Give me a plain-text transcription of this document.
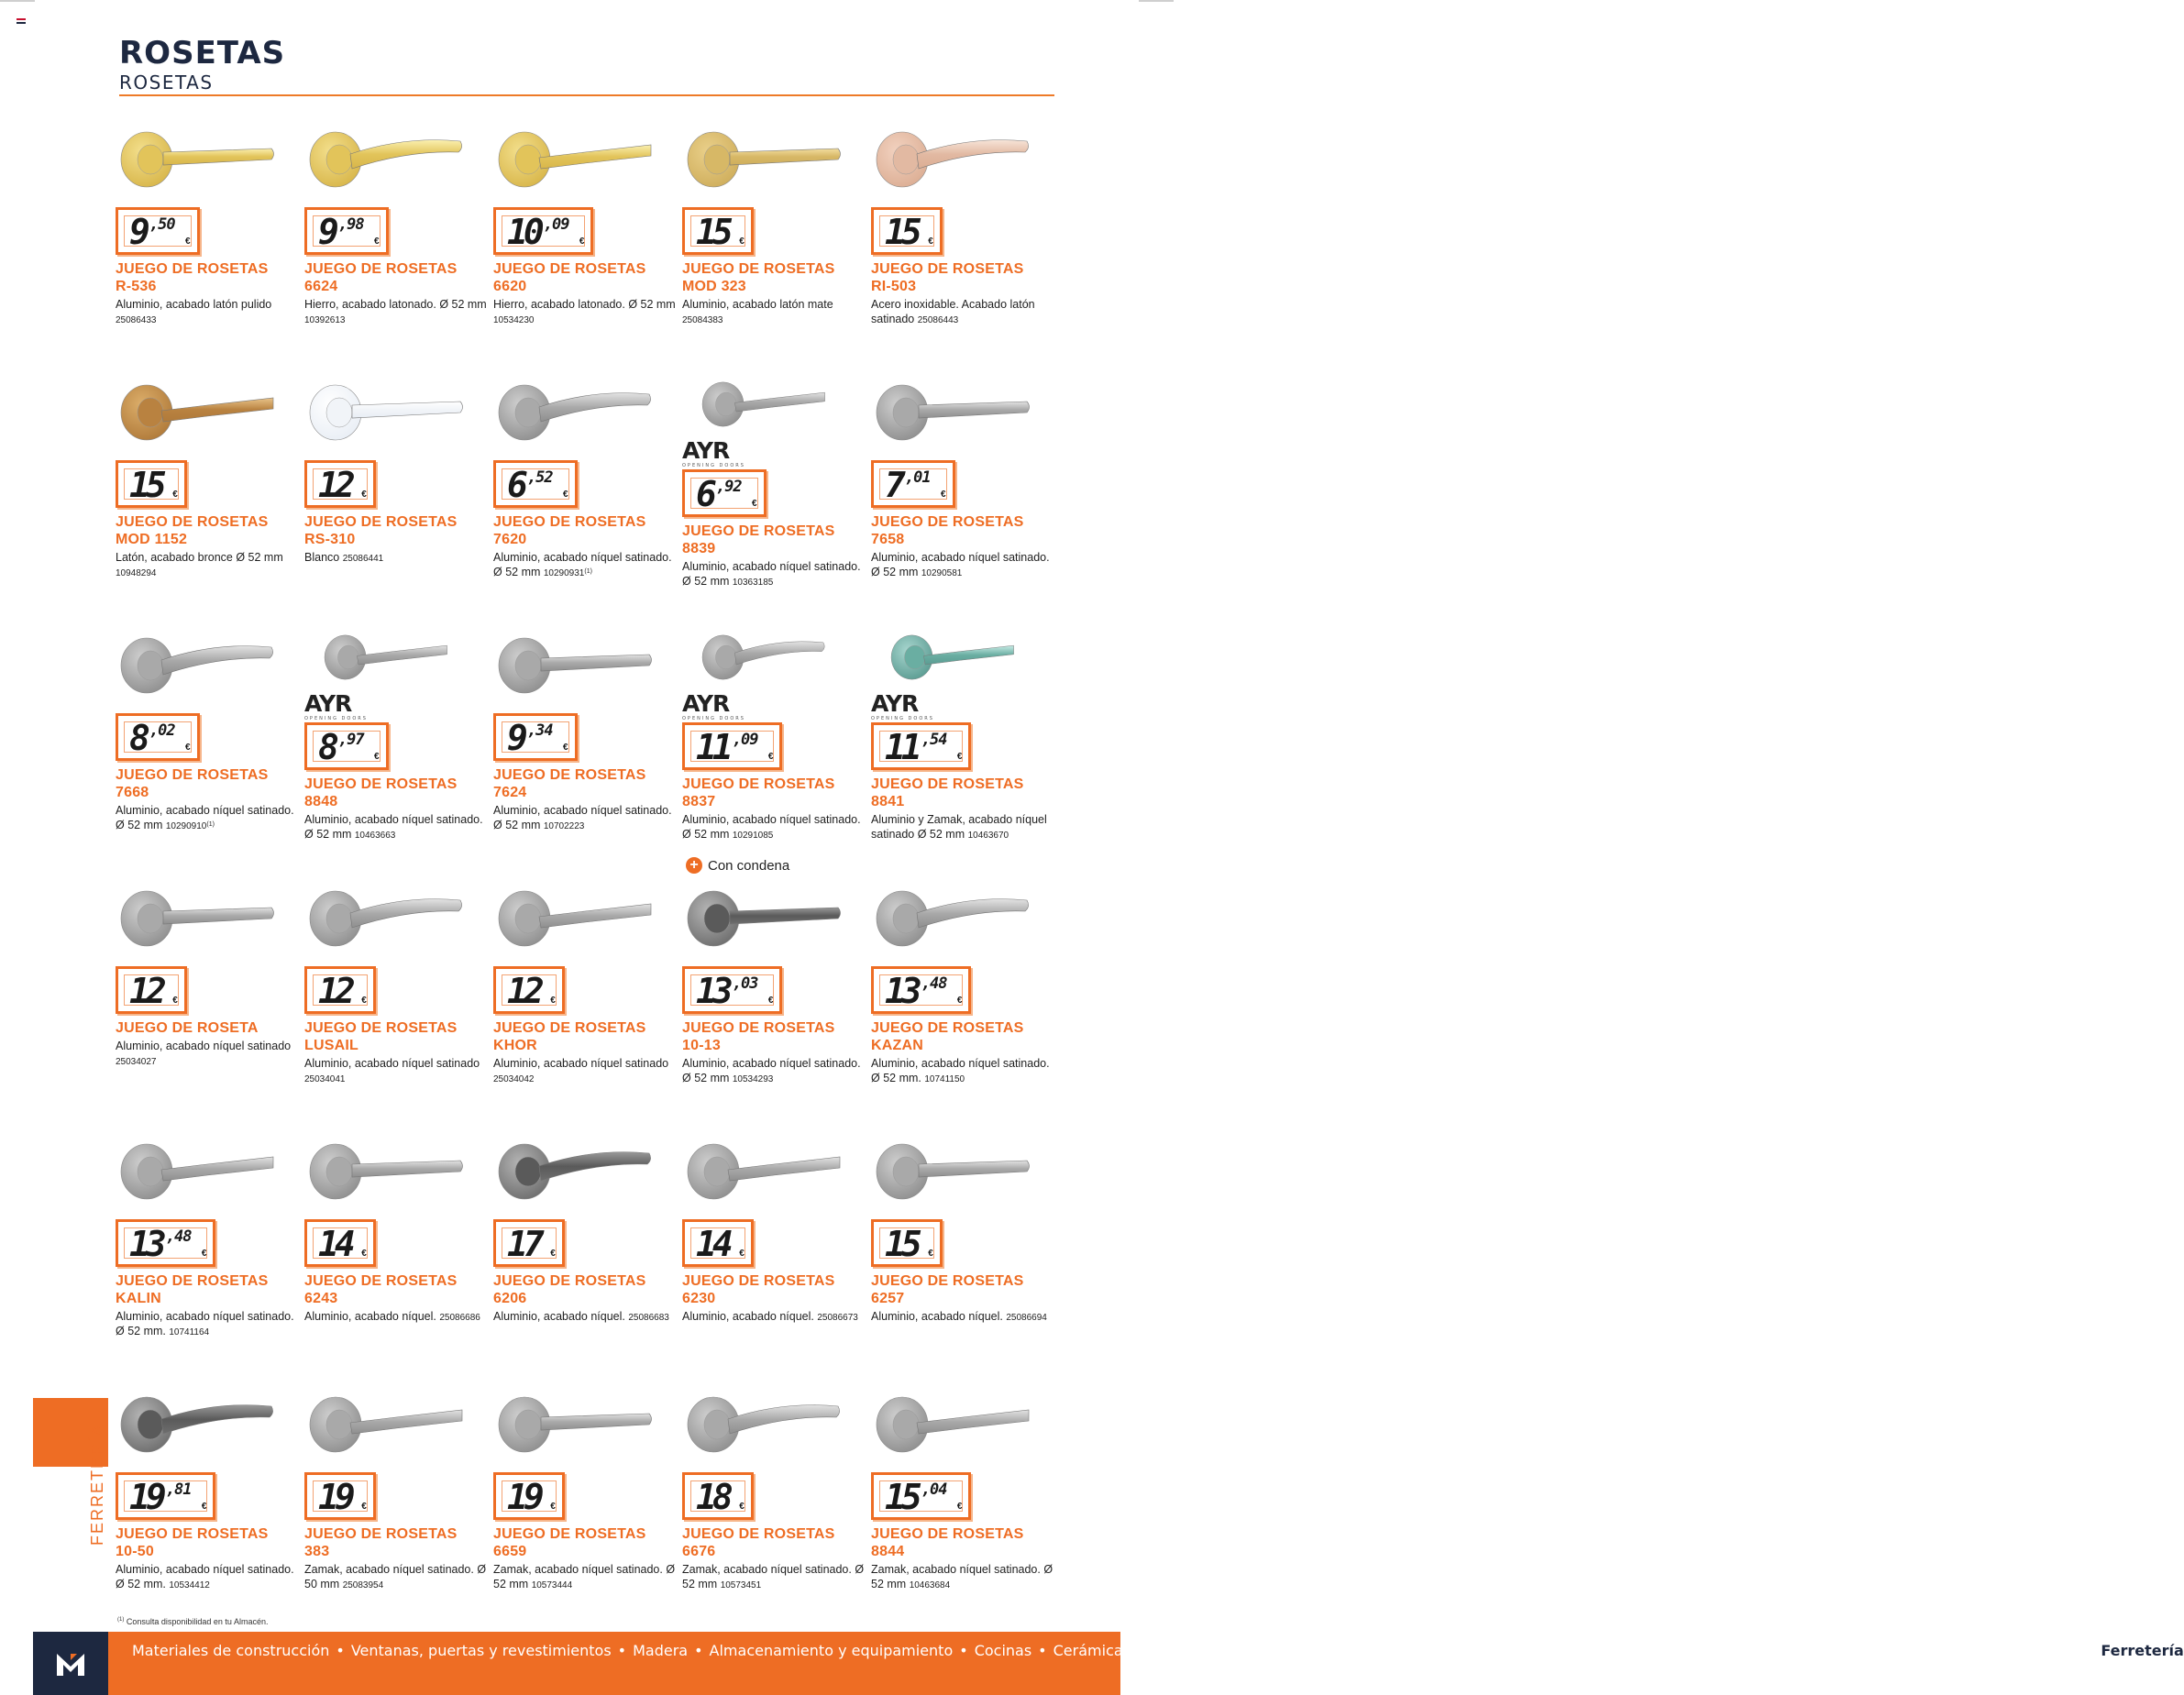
ROSETAS
ROSETAS
9 ,50
€
JUEGO DE ROSETAS
R-536
Aluminio, acabado latón pulido 25086433
9 ,98
€
JUEGO DE ROSETAS
6624
Hierro, acabado latonado. Ø 52 mm 10392613
10 ,09
€
JUEGO DE ROSETAS
6620
Hierro, acabado latonado. Ø 52 mm 10534230
15 €
JUEGO DE ROSETAS
MOD 323
Aluminio, acabado latón mate 25084383
15 €
JUEGO DE ROSETAS
RI-503
Acero inoxidable. Acabado latón satinado 25086443
15 €
JUEGO DE ROSETAS
MOD 1152
Latón, acabado bronce Ø 52 mm 10948294
12 €
JUEGO DE ROSETAS
RS-310
Blanco 25086441
6 ,52
€
JUEGO DE ROSETAS
7620
Aluminio, acabado níquel satinado. Ø 52 mm 10290931$^{(1)}$
AYR
OPENING DOORS
6 ,92
€
JUEGO DE ROSETAS 8839
Aluminio, acabado níquel satinado. Ø 52 mm 10363185
7 ,01
€
JUEGO DE ROSETAS
7658
Aluminio, acabado níquel satinado. Ø 52 mm 10290581
8 ,02
€
JUEGO DE ROSETAS
7668
Aluminio, acabado níquel satinado. Ø 52 mm 10290910$^{(1)}$
AYR
OPENING DOORS
8 ,97
€
JUEGO DE ROSETAS 8848
Aluminio, acabado níquel satinado. Ø 52 mm 10463663
9 ,34
€
JUEGO DE ROSETAS
7624
Aluminio, acabado níquel satinado. Ø 52 mm 10702223
AYR
OPENING DOORS
11 ,09
€
JUEGO DE ROSETAS 8837
Aluminio, acabado níquel satinado. Ø 52 mm 10291085
AYR
OPENING DOORS
11 ,54
€
JUEGO DE ROSETAS 8841
Aluminio y Zamak, acabado níquel satinado Ø 52 mm 10463670
12 €
JUEGO DE ROSETA
Aluminio, acabado níquel satinado 25034027
12 €
JUEGO DE ROSETAS
LUSAIL
Aluminio, acabado níquel satinado 25034041
12 €
JUEGO DE ROSETAS
KHOR
Aluminio, acabado níquel satinado 25034042
13 ,03
€
JUEGO DE ROSETAS
10-13
Aluminio, acabado níquel satinado. Ø 52 mm 10534293
13 ,48
€
JUEGO DE ROSETAS
KAZAN
Aluminio, acabado níquel satinado. Ø 52 mm. 10741150
13 ,48
€
JUEGO DE ROSETAS
KALIN
Aluminio, acabado níquel satinado. Ø 52 mm. 10741164
14 €
JUEGO DE ROSETAS
6243
Aluminio, acabado níquel. 25086686
17 €
JUEGO DE ROSETAS
6206
Aluminio, acabado níquel. 25086683
14 €
JUEGO DE ROSETAS
6230
Aluminio, acabado níquel. 25086673
15 €
JUEGO DE ROSETAS
6257
Aluminio, acabado níquel. 25086694
19 ,81
€
JUEGO DE ROSETAS
10-50
Aluminio, acabado níquel satinado. Ø 52 mm. 10534412
19 €
JUEGO DE ROSETAS
383
Zamak, acabado níquel satinado. Ø 50 mm 25083954
19 €
JUEGO DE ROSETAS
6659
Zamak, acabado níquel satinado. Ø 52 mm 10573444
18 €
JUEGO DE ROSETAS
6676
Zamak, acabado níquel satinado. Ø 52 mm 10573451
15 ,04
€
JUEGO DE ROSETAS
8844
Zamak, acabado níquel satinado. Ø 52 mm 10463684
+ Con condena
FERRETERÍA
$^{(1)}$ Consulta disponibilidad en tu Almacén.
Materiales de construcción • Ventanas, puertas y revestimientos • Madera • Almacenamiento y equipamiento • Cocinas • Cerámica • Pintura • Baños • Fontanería • Calefacción • Climatización • Energía renovable • Electricidad • Iluminación • Herramientas • Ferretería
